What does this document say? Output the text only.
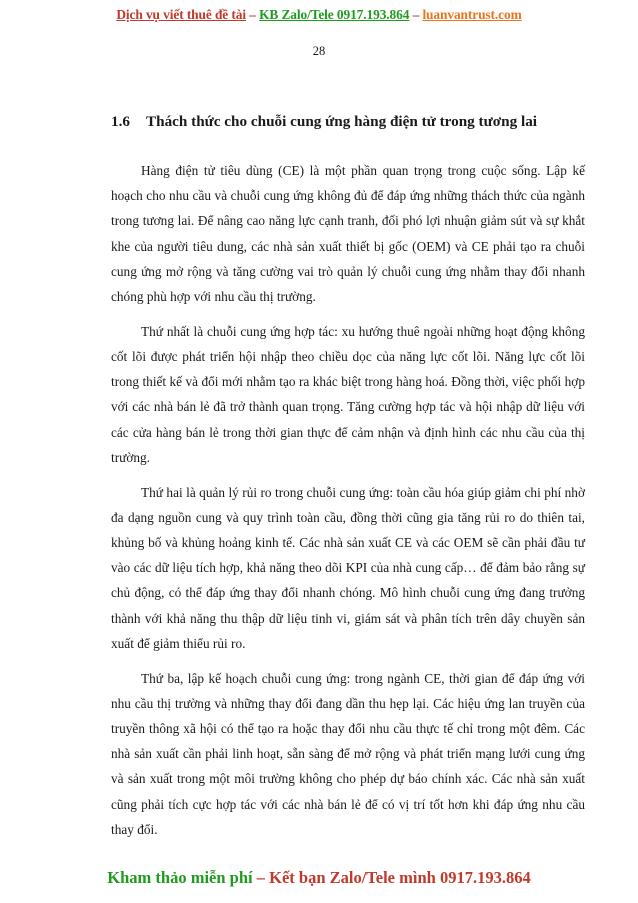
Dịch vụ viết thuê đề tài – KB Zalo/Tele 0917.193.864 – luanvantrust.com
28
1.6 Thách thức cho chuỗi cung ứng hàng điện tử trong tương lai

Hàng điện tử tiêu dùng (CE) là một phần quan trọng trong cuộc sống. Lập kế hoạch cho nhu cầu và chuỗi cung ứng không đủ để đáp ứng những thách thức của ngành trong tương lai. Để nâng cao năng lực cạnh tranh, đối phó lợi nhuận giảm sút và sự khắt khe của người tiêu dung, các nhà sản xuất thiết bị gốc (OEM) và CE phải tạo ra chuỗi cung ứng mở rộng và tăng cường vai trò quản lý chuỗi cung ứng nhằm thay đổi nhanh chóng phù hợp với nhu cầu thị trường.

Thứ nhất là chuỗi cung ứng hợp tác: xu hướng thuê ngoài những hoạt động không cốt lõi được phát triển hội nhập theo chiều dọc của năng lực cốt lõi. Năng lực cốt lõi trong thiết kế và đổi mới nhằm tạo ra khác biệt trong hàng hoá. Đồng thời, việc phối hợp với các nhà bán lẻ đã trở thành quan trọng. Tăng cường hợp tác và hội nhập dữ liệu với các cửa hàng bán lẻ trong thời gian thực để cảm nhận và định hình các nhu cầu của thị trường.

Thứ hai là quản lý rủi ro trong chuỗi cung ứng: toàn cầu hóa giúp giảm chi phí nhờ đa dạng nguồn cung và quy trình toàn cầu, đồng thời cũng gia tăng rủi ro do thiên tai, khủng bố và khủng hoảng kinh tế. Các nhà sản xuất CE và các OEM sẽ cần phải đầu tư vào các dữ liệu tích hợp, khả năng theo dõi KPI của nhà cung cấp… để đảm bảo rằng sự chủ động, có thể đáp ứng thay đổi nhanh chóng. Mô hình chuỗi cung ứng đang trưởng thành với khả năng thu thập dữ liệu tinh vi, giám sát và phân tích trên dây chuyền sản xuất để giảm thiểu rủi ro.

Thứ ba, lập kế hoạch chuỗi cung ứng: trong ngành CE, thời gian để đáp ứng với nhu cầu thị trường và những thay đổi đang dần thu hẹp lại. Các hiệu ứng lan truyền của truyền thông xã hội có thể tạo ra hoặc thay đổi nhu cầu thực tế chỉ trong một đêm. Các nhà sản xuất cần phải linh hoạt, sẵn sàng để mở rộng và phát triển mạng lưới cung ứng và sản xuất trong một môi trường không cho phép dự báo chính xác. Các nhà sản xuất cũng phải tích cực hợp tác với các nhà bán lẻ để có vị trí tốt hơn khi đáp ứng nhu cầu thay đổi.

Kham thảo miễn phí – Kết bạn Zalo/Tele mình 0917.193.864
